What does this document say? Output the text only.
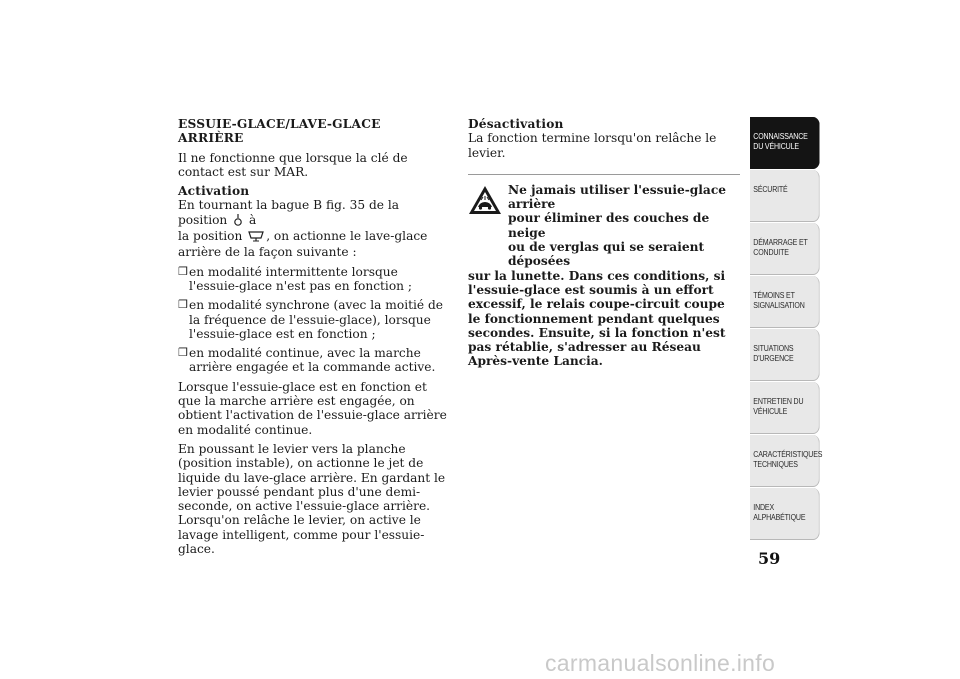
ESSUIE-GLACE/LAVE-GLACE ARRIÈRE
Il ne fonctionne que lorsque la clé de contact est sur MAR.
Activation
En tournant la bague B fig. 35 de la position à
la position , on actionne le lave-glace arrière de la façon suivante :
❒ en modalité intermittente lorsque l'essuie-glace n'est pas en fonction ;
❒ en modalité synchrone (avec la moitié de la fréquence de l'essuie-glace), lorsque l'essuie-glace est en fonction ;
❒ en modalité continue, avec la marche arrière engagée et la commande active.
Lorsque l'essuie-glace est en fonction et que la marche arrière est engagée, on obtient l'activation de l'essuie-glace arrière en modalité continue.
En poussant le levier vers la planche (position instable), on actionne le jet de liquide du lave-glace arrière. En gardant le levier poussé pendant plus d'une demi-seconde, on active l'essuie-glace arrière. Lorsqu'on relâche le levier, on active le lavage intelligent, comme pour l'essuie-glace.
Désactivation
La fonction termine lorsqu'on relâche le levier.
Ne jamais utiliser l'essuie-glace arrière
pour éliminer des couches de neige
ou de verglas qui se seraient déposées
sur la lunette. Dans ces conditions, si l'essuie-glace est soumis à un effort excessif, le relais coupe-circuit coupe le fonctionnement pendant quelques secondes. Ensuite, si la fonction n'est pas rétablie, s'adresser au Réseau Après-vente Lancia.
CONNAISSANCE DU VÉHICULE
SÉCURITÉ
DÉMARRAGE ET CONDUITE
TÉMOINS ET SIGNALISATION
SITUATIONS D'URGENCE
ENTRETIEN DU VÉHICULE
CARACTÉRISTIQUES TECHNIQUES
INDEX ALPHABÉTIQUE
59
carmanualsonline.info
